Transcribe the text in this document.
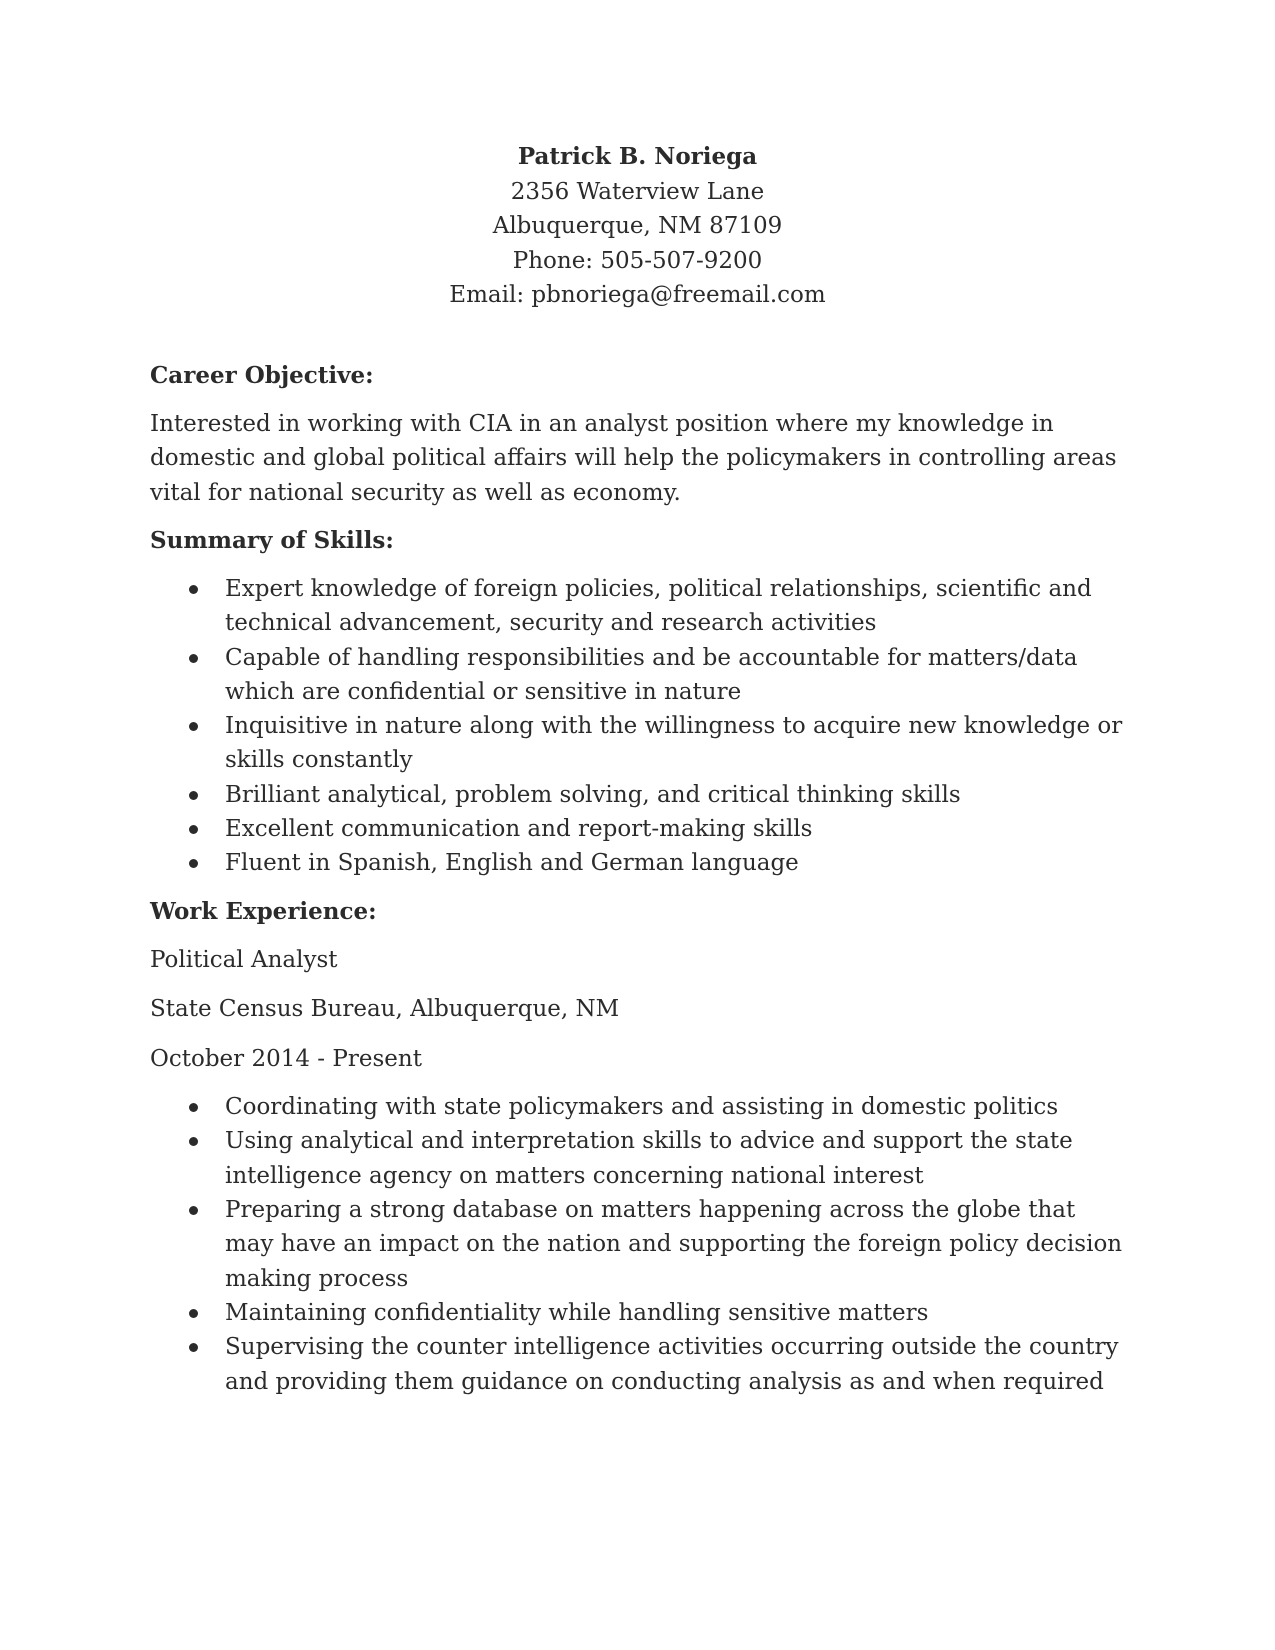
Patrick B. Noriega
2356 Waterview Lane
Albuquerque, NM 87109
Phone: 505-507-9200
Email: pbnoriega@freemail.com
Career Objective:

Interested in working with CIA in an analyst position where my knowledge in domestic and global political affairs will help the policymakers in controlling areas vital for national security as well as economy.

Summary of Skills:
Expert knowledge of foreign policies, political relationships, scientific and technical advancement, security and research activities
Capable of handling responsibilities and be accountable for matters/data which are confidential or sensitive in nature
Inquisitive in nature along with the willingness to acquire new knowledge or skills constantly
Brilliant analytical, problem solving, and critical thinking skills
Excellent communication and report-making skills
Fluent in Spanish, English and German language
Work Experience:

Political Analyst

State Census Bureau, Albuquerque, NM

October 2014 - Present

Coordinating with state policymakers and assisting in domestic politics
Using analytical and interpretation skills to advice and support the state intelligence agency on matters concerning national interest
Preparing a strong database on matters happening across the globe that may have an impact on the nation and supporting the foreign policy decision making process
Maintaining confidentiality while handling sensitive matters
Supervising the counter intelligence activities occurring outside the country and providing them guidance on conducting analysis as and when required
